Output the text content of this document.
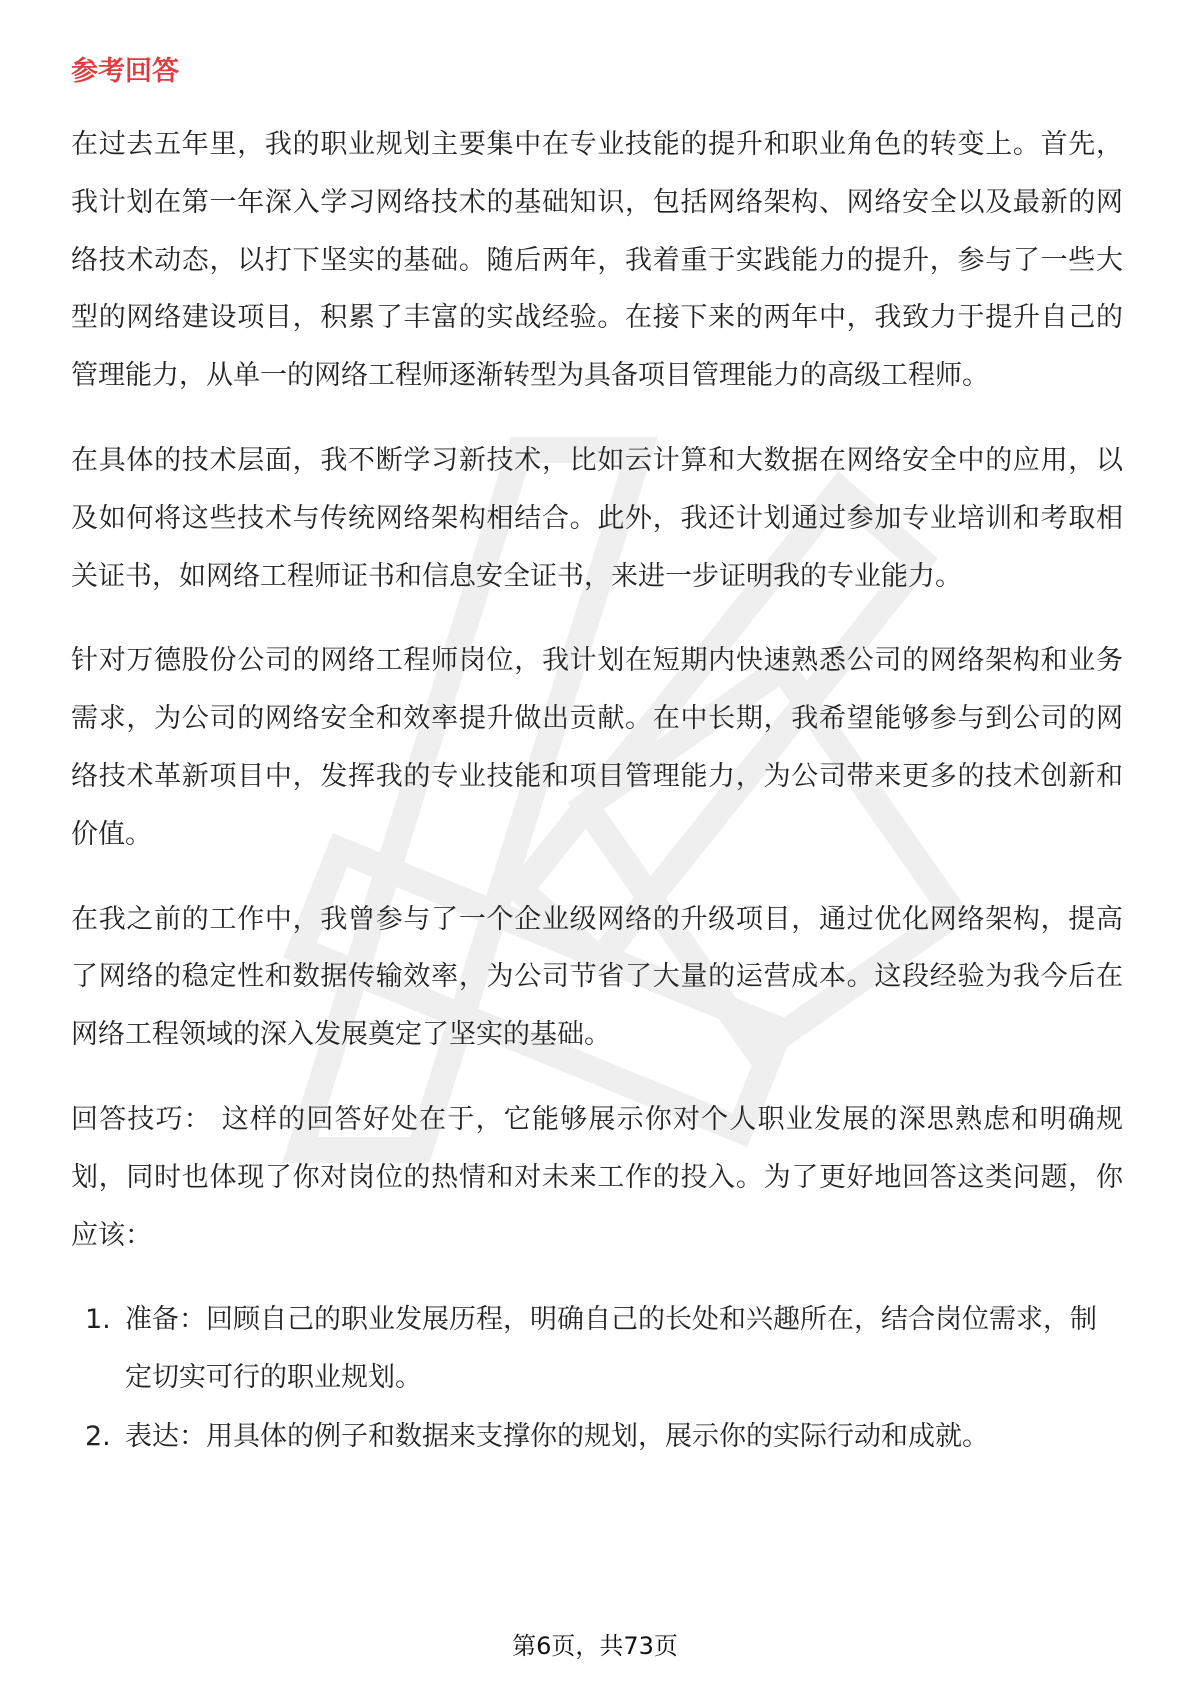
参考回答

在过去五年里，我的职业规划主要集中在专业技能的提升和职业角色的转变上。首先，我计划在第一年深入学习网络技术的基础知识，包括网络架构、网络安全以及最新的网络技术动态，以打下坚实的基础。随后两年，我着重于实践能力的提升，参与了一些大型的网络建设项目，积累了丰富的实战经验。在接下来的两年中，我致力于提升自己的管理能力，从单一的网络工程师逐渐转型为具备项目管理能力的高级工程师。

在具体的技术层面，我不断学习新技术，比如云计算和大数据在网络安全中的应用，以及如何将这些技术与传统网络架构相结合。此外，我还计划通过参加专业培训和考取相关证书，如网络工程师证书和信息安全证书，来进一步证明我的专业能力。

针对万德股份公司的网络工程师岗位，我计划在短期内快速熟悉公司的网络架构和业务需求，为公司的网络安全和效率提升做出贡献。在中长期，我希望能够参与到公司的网络技术革新项目中，发挥我的专业技能和项目管理能力，为公司带来更多的技术创新和价值。

在我之前的工作中，我曾参与了一个企业级网络的升级项目，通过优化网络架构，提高了网络的稳定性和数据传输效率，为公司节省了大量的运营成本。这段经验为我今后在网络工程领域的深入发展奠定了坚实的基础。

回答技巧： 这样的回答好处在于，它能够展示你对个人职业发展的深思熟虑和明确规划，同时也体现了你对岗位的热情和对未来工作的投入。为了更好地回答这类问题，你应该：

1. 准备：回顾自己的职业发展历程，明确自己的长处和兴趣所在，结合岗位需求，制定切实可行的职业规划。
2. 表达：用具体的例子和数据来支撑你的规划，展示你的实际行动和成就。
第6页，共73页
